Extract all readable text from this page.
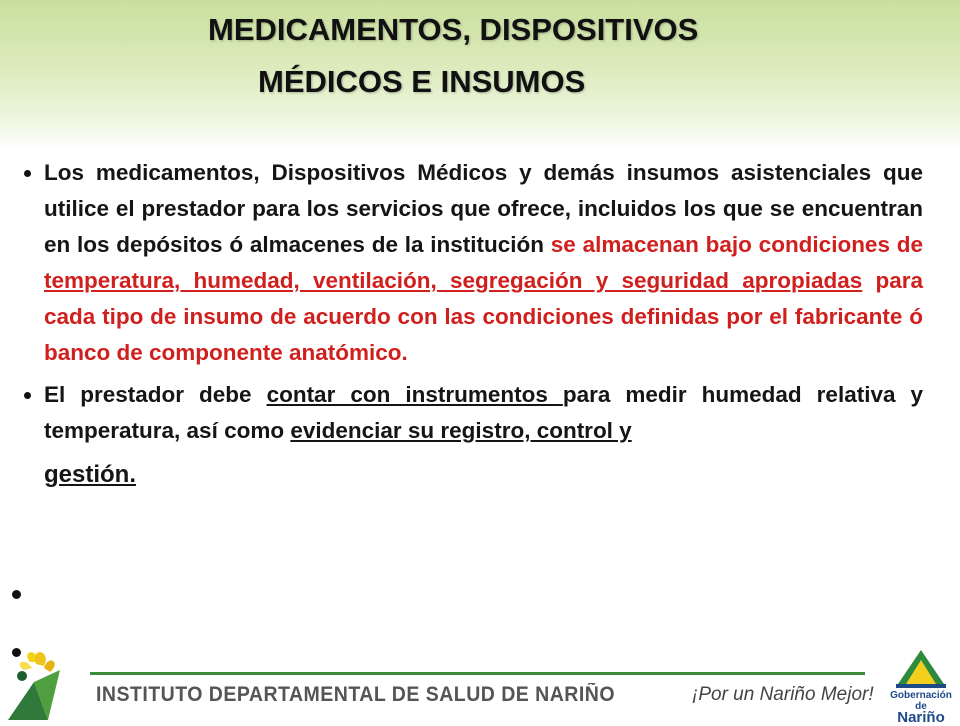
MEDICAMENTOS, DISPOSITIVOS
MÉDICOS E INSUMOS
Los medicamentos, Dispositivos Médicos y demás insumos asistenciales que utilice el prestador para los servicios que ofrece, incluidos los que se encuentran en los depósitos ó almacenes de la institución se almacenan bajo condiciones de temperatura, humedad, ventilación, segregación y seguridad apropiadas para cada tipo de insumo de acuerdo con las condiciones definidas por el fabricante ó banco de componente anatómico.
El prestador debe contar con instrumentos para medir humedad relativa y temperatura, así como evidenciar su registro, control y
gestión.
INSTITUTO DEPARTAMENTAL DE SALUD DE NARIÑO	¡Por un Nariño Mejor! Gobernación de
Nariño
